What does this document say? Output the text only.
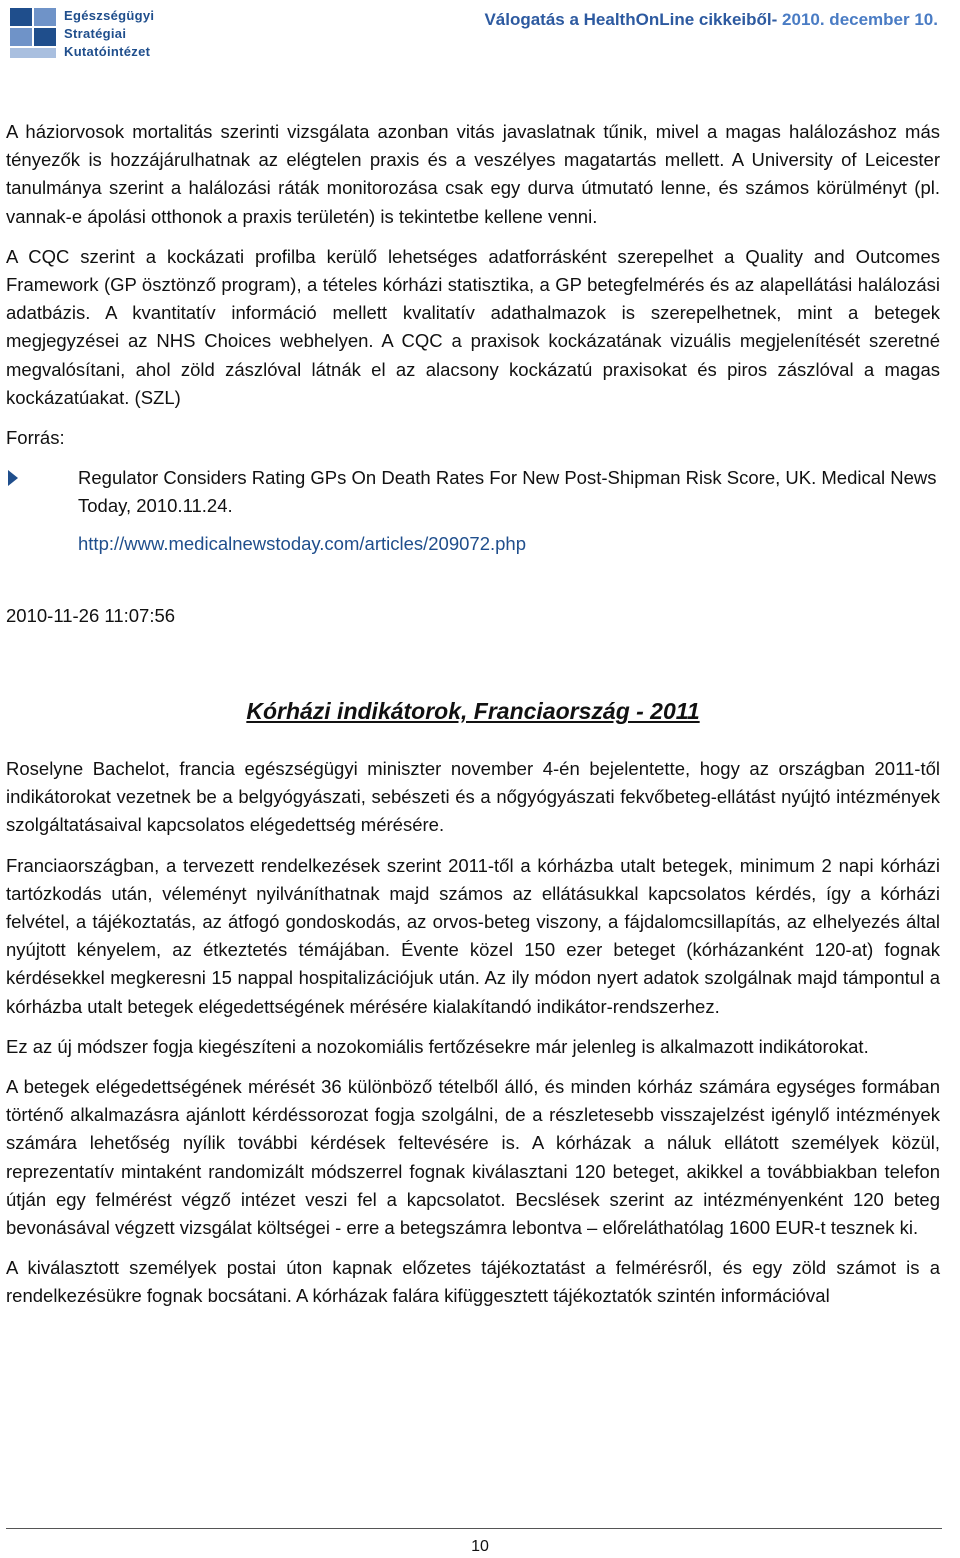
Egészségügyi
Stratégiai
Kutatóintézet
Válogatás a HealthOnLine cikkeiből- 2010. december 10.

A háziorvosok mortalitás szerinti vizsgálata azonban vitás javaslatnak tűnik, mivel a magas halálozáshoz más tényezők is hozzájárulhatnak az elégtelen praxis és a veszélyes magatartás mellett. A University of Leicester tanulmánya szerint a halálozási ráták monitorozása csak egy durva útmutató lenne, és számos körülményt (pl. vannak-e ápolási otthonok a praxis területén) is tekintetbe kellene venni.

A CQC szerint a kockázati profilba kerülő lehetséges adatforrásként szerepelhet a Quality and Outcomes Framework (GP ösztönző program), a tételes kórházi statisztika, a GP betegfelmérés és az alapellátási halálozási adatbázis. A kvantitatív információ mellett kvalitatív adathalmazok is szerepelhetnek, mint a betegek megjegyzései az NHS Choices webhelyen. A CQC a praxisok kockázatának vizuális megjelenítését szeretné megvalósítani, ahol zöld zászlóval látnák el az alacsony kockázatú praxisokat és piros zászlóval a magas kockázatúakat. (SZL)

Forrás:
Regulator Considers Rating GPs On Death Rates For New Post-Shipman Risk Score, UK. Medical News Today, 2010.11.24.
http://www.medicalnewstoday.com/articles/209072.php
2010-11-26 11:07:56
Kórházi indikátorok, Franciaország - 2011

Roselyne Bachelot, francia egészségügyi miniszter november 4-én bejelentette, hogy az országban 2011-től indikátorokat vezetnek be a belgyógyászati, sebészeti és a nőgyógyászati fekvőbeteg-ellátást nyújtó intézmények szolgáltatásaival kapcsolatos elégedettség mérésére.

Franciaországban, a tervezett rendelkezések szerint 2011-től a kórházba utalt betegek, minimum 2 napi kórházi tartózkodás után, véleményt nyilváníthatnak majd számos az ellátásukkal kapcsolatos kérdés, így a kórházi felvétel, a tájékoztatás, az átfogó gondoskodás, az orvos-beteg viszony, a fájdalomcsillapítás, az elhelyezés által nyújtott kényelem, az étkeztetés témájában. Évente közel 150 ezer beteget (kórházanként 120-at) fognak kérdésekkel megkeresni 15 nappal hospitalizációjuk után. Az ily módon nyert adatok szolgálnak majd támpontul a kórházba utalt betegek elégedettségének mérésére kialakítandó indikátor-rendszerhez.

Ez az új módszer fogja kiegészíteni a nozokomiális fertőzésekre már jelenleg is alkalmazott indikátorokat.

A betegek elégedettségének mérését 36 különböző tételből álló, és minden kórház számára egységes formában történő alkalmazásra ajánlott kérdéssorozat fogja szolgálni, de a részletesebb visszajelzést igénylő intézmények számára lehetőség nyílik további kérdések feltevésére is. A kórházak a náluk ellátott személyek közül, reprezentatív mintaként randomizált módszerrel fognak kiválasztani 120 beteget, akikkel a továbbiakban telefon útján egy felmérést végző intézet veszi fel a kapcsolatot. Becslések szerint az intézményenként 120 beteg bevonásával végzett vizsgálat költségei - erre a betegszámra lebontva – előreláthatólag 1600 EUR-t tesznek ki.

A kiválasztott személyek postai úton kapnak előzetes tájékoztatást a felmérésről, és egy zöld számot is a rendelkezésükre fognak bocsátani. A kórházak falára kifüggesztett tájékoztatók szintén információval

10
